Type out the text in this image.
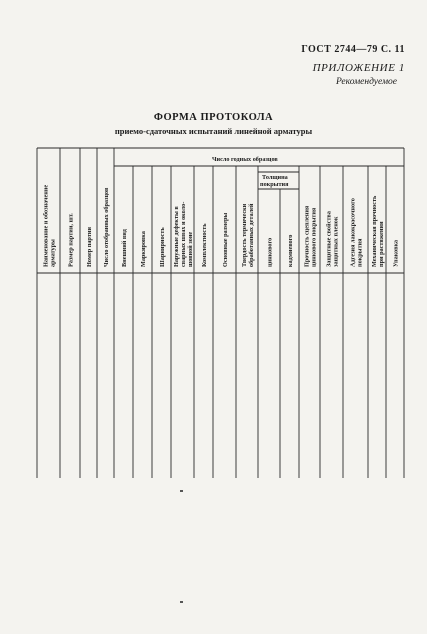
ГОСТ 2744—79 С. 11
ПРИЛОЖЕНИЕ 1
Рекомендуемое
ФОРМА ПРОТОКОЛА
приемо-сдаточных испытаний линейной арматуры
Число годных образцов
Толщина
покрытия
Наименование и обозначение арматуры Размер партии, шт. Номер партии Число отобранных образцов Внешний вид Маркировка Шарнирность Наружные дефекты в сварных швах и около- шовной зоне Комплектность Основные размеры Твердость термически обработанных деталей цинкового кадмиевого Прочность сцепления цинкового покрытия Защитные свойства защитных пленок Адгезия лакокрасочного покрытия Механическая прочность при растяжении Упаковка
